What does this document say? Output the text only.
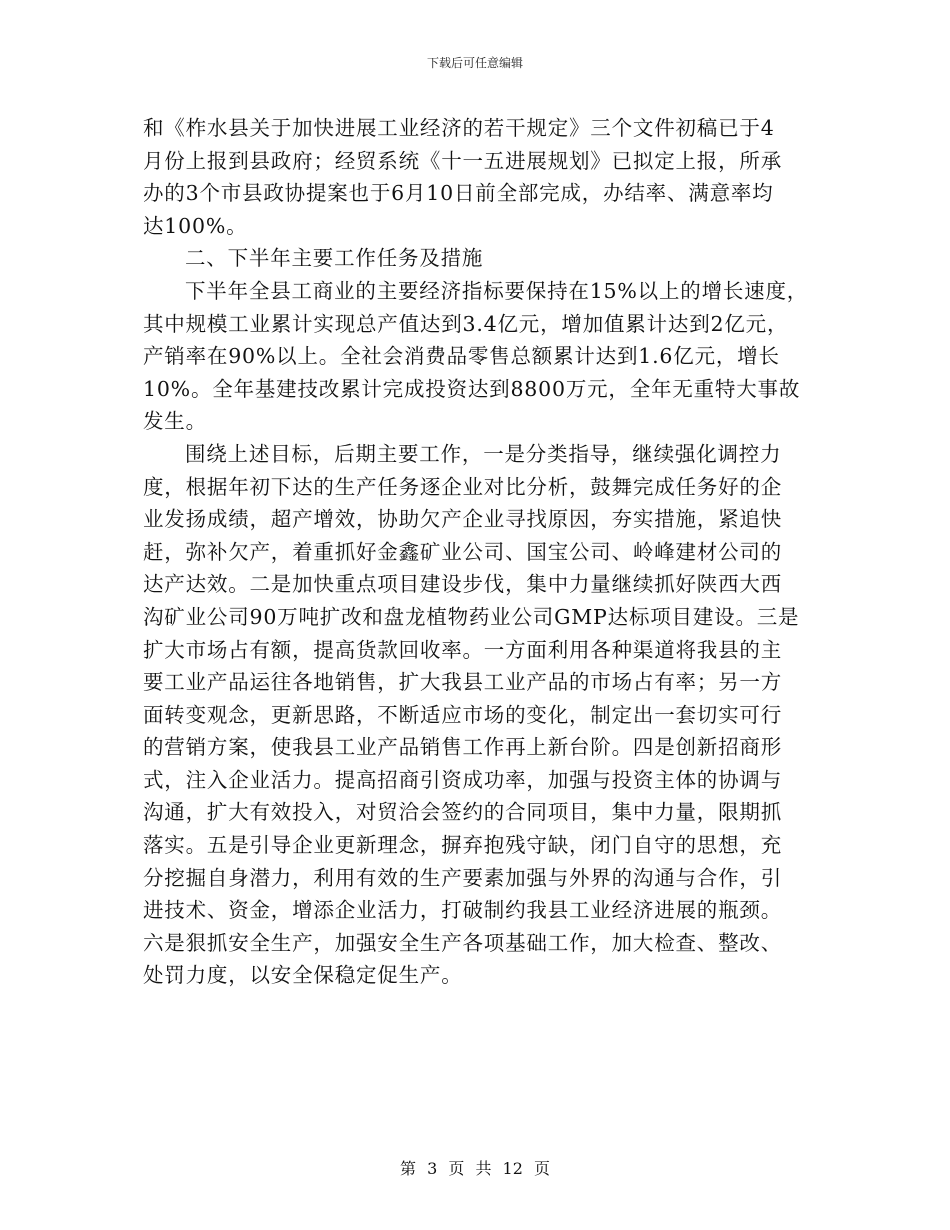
下载后可任意编辑
和《柞水县关于加快进展工业经济的若干规定》三个文件初稿已于4
月份上报到县政府；经贸系统《十一五进展规划》已拟定上报，所承
办的3个市县政协提案也于6月10日前全部完成，办结率、满意率均
达100%。
二、下半年主要工作任务及措施
下半年全县工商业的主要经济指标要保持在15%以上的增长速度，
其中规模工业累计实现总产值达到3.4亿元，增加值累计达到2亿元，
产销率在90%以上。全社会消费品零售总额累计达到1.6亿元，增长
10%。全年基建技改累计完成投资达到8800万元，全年无重特大事故
发生。
围绕上述目标，后期主要工作，一是分类指导，继续强化调控力
度，根据年初下达的生产任务逐企业对比分析，鼓舞完成任务好的企
业发扬成绩，超产增效，协助欠产企业寻找原因，夯实措施，紧追快
赶，弥补欠产，着重抓好金鑫矿业公司、国宝公司、岭峰建材公司的
达产达效。二是加快重点项目建设步伐，集中力量继续抓好陕西大西
沟矿业公司90万吨扩改和盘龙植物药业公司GMP达标项目建设。三是
扩大市场占有额，提高货款回收率。一方面利用各种渠道将我县的主
要工业产品运往各地销售，扩大我县工业产品的市场占有率；另一方
面转变观念，更新思路，不断适应市场的变化，制定出一套切实可行
的营销方案，使我县工业产品销售工作再上新台阶。四是创新招商形
式，注入企业活力。提高招商引资成功率，加强与投资主体的协调与
沟通，扩大有效投入，对贸洽会签约的合同项目，集中力量，限期抓
落实。五是引导企业更新理念，摒弃抱残守缺，闭门自守的思想，充
分挖掘自身潜力，利用有效的生产要素加强与外界的沟通与合作，引
进技术、资金，增添企业活力，打破制约我县工业经济进展的瓶颈。
六是狠抓安全生产，加强安全生产各项基础工作，加大检查、整改、
处罚力度，以安全保稳定促生产。
第 3 页 共 12 页
